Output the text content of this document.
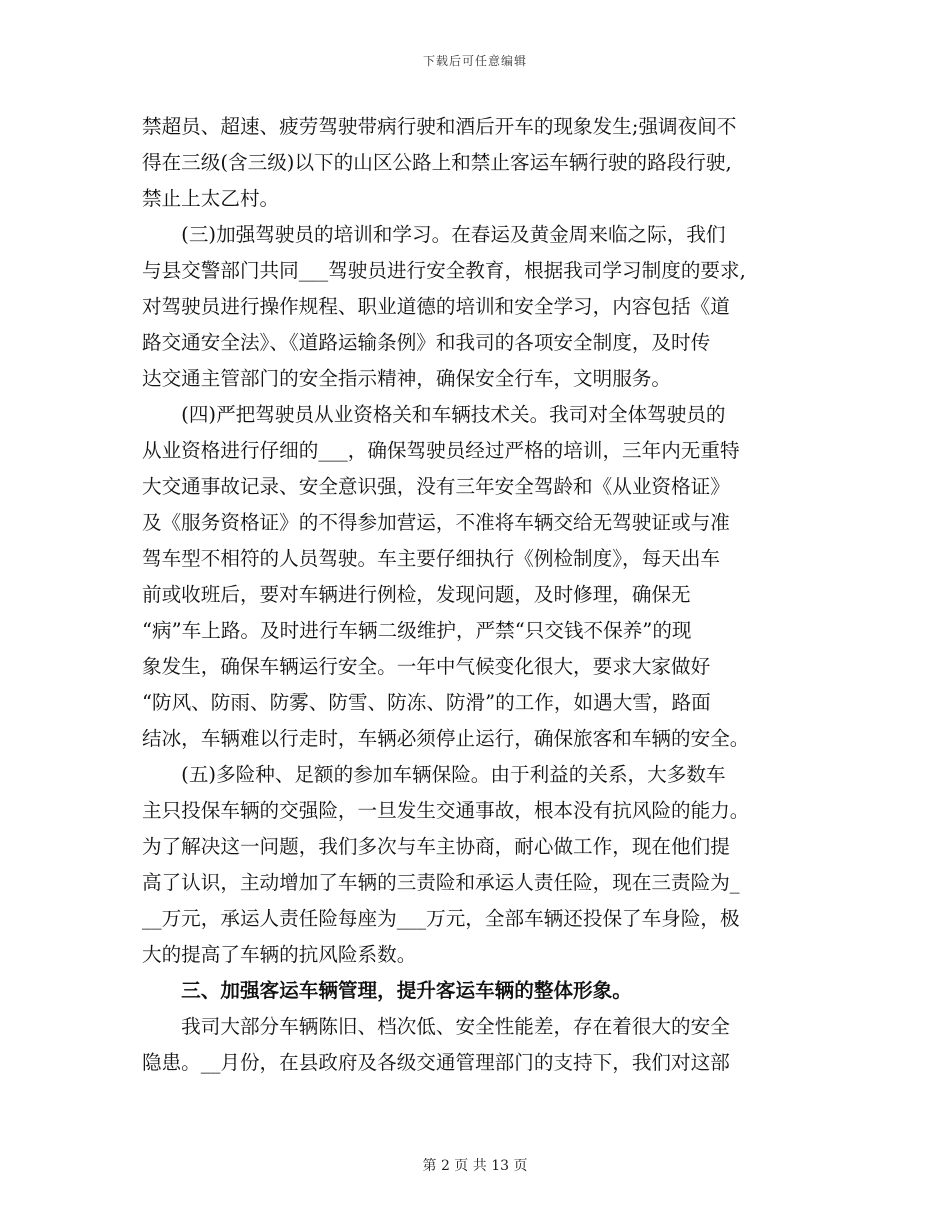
下载后可任意编辑
禁超员、超速、疲劳驾驶带病行驶和酒后开车的现象发生;强调夜间不
得在三级(含三级)以下的山区公路上和禁止客运车辆行驶的路段行驶,
禁止上太乙村。
　　(三)加强驾驶员的培训和学习。在春运及黄金周来临之际，我们
与县交警部门共同___驾驶员进行安全教育，根据我司学习制度的要求,
对驾驶员进行操作规程、职业道德的培训和安全学习，内容包括《道
路交通安全法》、《道路运输条例》和我司的各项安全制度，及时传
达交通主管部门的安全指示精神，确保安全行车，文明服务。
　　(四)严把驾驶员从业资格关和车辆技术关。我司对全体驾驶员的
从业资格进行仔细的___，确保驾驶员经过严格的培训，三年内无重特
大交通事故记录、安全意识强，没有三年安全驾龄和《从业资格证》
及《服务资格证》的不得参加营运，不准将车辆交给无驾驶证或与准
驾车型不相符的人员驾驶。车主要仔细执行《例检制度》，每天出车
前或收班后，要对车辆进行例检，发现问题，及时修理，确保无
“病”车上路。及时进行车辆二级维护，严禁“只交钱不保养”的现
象发生，确保车辆运行安全。一年中气候变化很大，要求大家做好
“防风、防雨、防雾、防雪、防冻、防滑”的工作，如遇大雪，路面
结冰，车辆难以行走时，车辆必须停止运行，确保旅客和车辆的安全。
　　(五)多险种、足额的参加车辆保险。由于利益的关系，大多数车
主只投保车辆的交强险，一旦发生交通事故，根本没有抗风险的能力。
为了解决这一问题，我们多次与车主协商，耐心做工作，现在他们提
高了认识，主动增加了车辆的三责险和承运人责任险，现在三责险为_
__万元，承运人责任险每座为___万元，全部车辆还投保了车身险，极
大的提高了车辆的抗风险系数。
　　三、加强客运车辆管理，提升客运车辆的整体形象。
　　我司大部分车辆陈旧、档次低、安全性能差，存在着很大的安全
隐患。__月份，在县政府及各级交通管理部门的支持下，我们对这部
第 2 页 共 13 页
